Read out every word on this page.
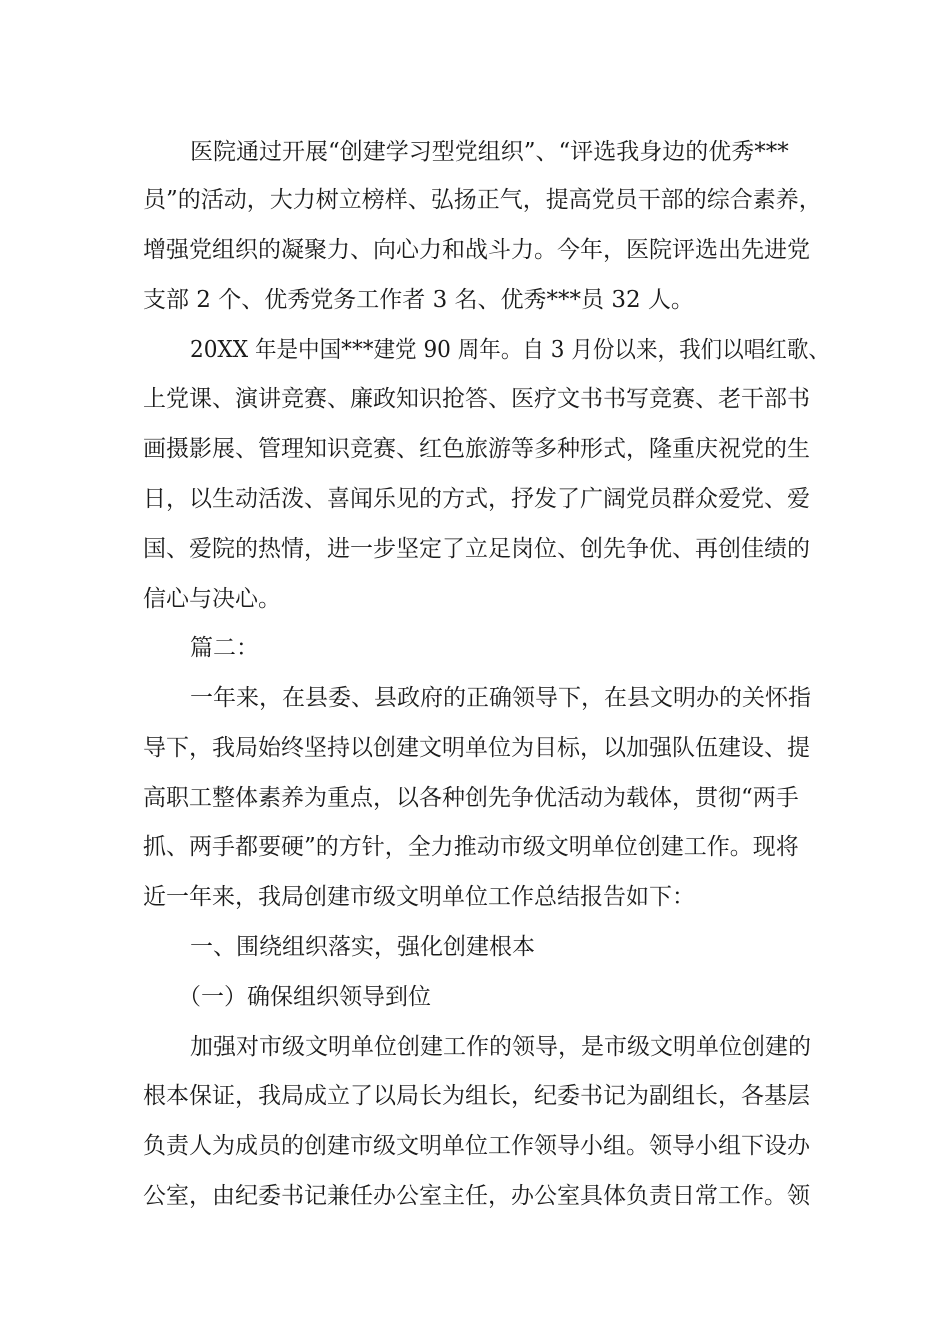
医院通过开展“创建学习型党组织”、“评选我身边的优秀***
员”的活动，大力树立榜样、弘扬正气，提高党员干部的综合素养，
增强党组织的凝聚力、向心力和战斗力。今年，医院评选出先进党
支部 2 个、优秀党务工作者 3 名、优秀***员 32 人。
20XX 年是中国***建党 90 周年。自 3 月份以来，我们以唱红歌、
上党课、演讲竞赛、廉政知识抢答、医疗文书书写竞赛、老干部书
画摄影展、管理知识竞赛、红色旅游等多种形式，隆重庆祝党的生
日，以生动活泼、喜闻乐见的方式，抒发了广阔党员群众爱党、爱
国、爱院的热情，进一步坚定了立足岗位、创先争优、再创佳绩的
信心与决心。
篇二：
一年来，在县委、县政府的正确领导下，在县文明办的关怀指
导下，我局始终坚持以创建文明单位为目标，以加强队伍建设、提
高职工整体素养为重点，以各种创先争优活动为载体，贯彻“两手
抓、两手都要硬”的方针，全力推动市级文明单位创建工作。现将
近一年来，我局创建市级文明单位工作总结报告如下：
一、围绕组织落实，强化创建根本
（一）确保组织领导到位
加强对市级文明单位创建工作的领导，是市级文明单位创建的
根本保证，我局成立了以局长为组长，纪委书记为副组长，各基层
负责人为成员的创建市级文明单位工作领导小组。领导小组下设办
公室，由纪委书记兼任办公室主任，办公室具体负责日常工作。领
